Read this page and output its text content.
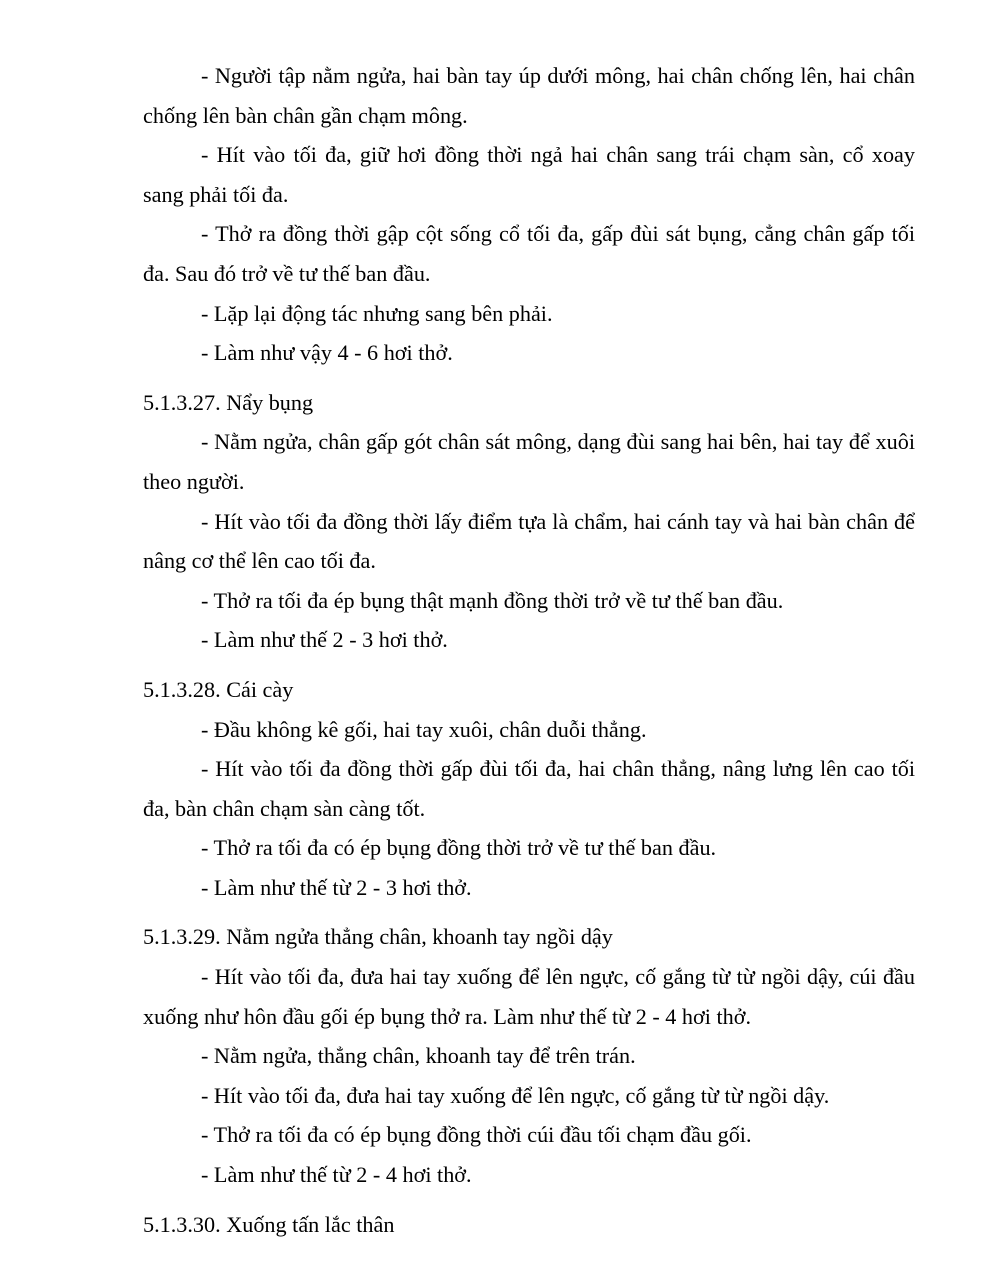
- Người tập nằm ngửa, hai bàn tay úp dưới mông, hai chân chống lên, hai chân chống lên bàn chân gần chạm mông.

- Hít vào tối đa, giữ hơi đồng thời ngả hai chân sang trái chạm sàn, cổ xoay sang phải tối đa.

- Thở ra đồng thời gập cột sống cổ tối đa, gấp đùi sát bụng, cẳng chân gấp tối đa. Sau đó trở về tư thế ban đầu.

- Lặp lại động tác nhưng sang bên phải.

- Làm như vậy 4 - 6 hơi thở.

5.1.3.27. Nẩy bụng

- Nằm ngửa, chân gấp gót chân sát mông, dạng đùi sang hai bên, hai tay để xuôi theo người.

- Hít vào tối đa đồng thời lấy điểm tựa là chẩm, hai cánh tay và hai bàn chân để nâng cơ thể lên cao tối đa.

- Thở ra tối đa ép bụng thật mạnh đồng thời trở về tư thế ban đầu.

- Làm như thế 2 - 3 hơi thở.

5.1.3.28. Cái cày

- Đầu không kê gối, hai tay xuôi, chân duỗi thẳng.

- Hít vào tối đa đồng thời gấp đùi tối đa, hai chân thẳng, nâng lưng lên cao tối đa, bàn chân chạm sàn càng tốt.

- Thở ra tối đa có ép bụng đồng thời trở về tư thế ban đầu.

- Làm như thế từ 2 - 3 hơi thở.

5.1.3.29. Nằm ngửa thẳng chân, khoanh tay ngồi dậy

- Hít vào tối đa, đưa hai tay xuống để lên ngực, cố gắng từ từ ngồi dậy, cúi đầu xuống như hôn đầu gối ép bụng thở ra. Làm như thế từ 2 - 4 hơi thở.

- Nằm ngửa, thẳng chân, khoanh tay để trên trán.

- Hít vào tối đa, đưa hai tay xuống để lên ngực, cố gắng từ từ ngồi dậy.

- Thở ra tối đa có ép bụng đồng thời cúi đầu tối chạm đầu gối.

- Làm như thế từ 2 - 4 hơi thở.

5.1.3.30. Xuống tấn lắc thân
